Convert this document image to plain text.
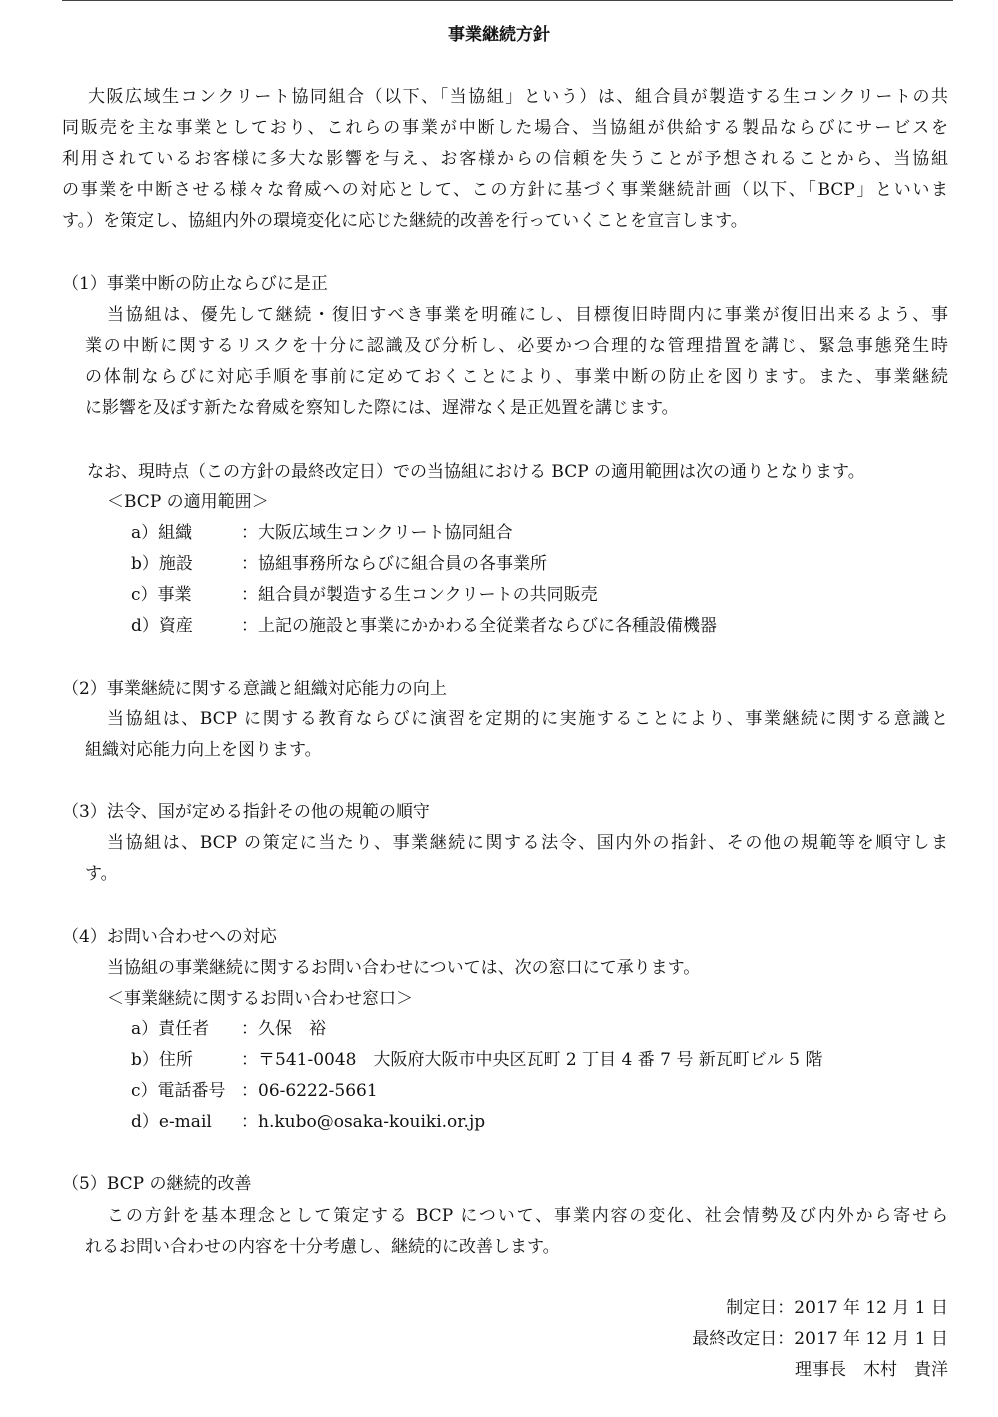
事業継続方針
大阪広域生コンクリート協同組合（以下、「当協組」という）は、組合員が製造する生コンクリートの共
同販売を主な事業としており、これらの事業が中断した場合、当協組が供給する製品ならびにサービスを
利用されているお客様に多大な影響を与え、お客様からの信頼を失うことが予想されることから、当協組
の事業を中断させる様々な脅威への対応として、この方針に基づく事業継続計画（以下、「BCP」といいま
す。）を策定し、協組内外の環境変化に応じた継続的改善を行っていくことを宣言します。
（1）事業中断の防止ならびに是正
当協組は、優先して継続・復旧すべき事業を明確にし、目標復旧時間内に事業が復旧出来るよう、事
業の中断に関するリスクを十分に認識及び分析し、必要かつ合理的な管理措置を講じ、緊急事態発生時
の体制ならびに対応手順を事前に定めておくことにより、事業中断の防止を図ります。また、事業継続
に影響を及ぼす新たな脅威を察知した際には、遅滞なく是正処置を講じます。
なお、現時点（この方針の最終改定日）での当協組における BCP の適用範囲は次の通りとなります。
＜BCP の適用範囲＞
a）組織	：大阪広域生コンクリート協同組合
b）施設	：協組事務所ならびに組合員の各事業所
c）事業	：組合員が製造する生コンクリートの共同販売
d）資産	：上記の施設と事業にかかわる全従業者ならびに各種設備機器
（2）事業継続に関する意識と組織対応能力の向上
当協組は、BCP に関する教育ならびに演習を定期的に実施することにより、事業継続に関する意識と
組織対応能力向上を図ります。
（3）法令、国が定める指針その他の規範の順守
当協組は、BCP の策定に当たり、事業継続に関する法令、国内外の指針、その他の規範等を順守しま
す。
（4）お問い合わせへの対応
当協組の事業継続に関するお問い合わせについては、次の窓口にて承ります。
＜事業継続に関するお問い合わせ窓口＞
a）責任者 ：久保　裕
b）住所	：〒541-0048　大阪府大阪市中央区瓦町 2 丁目 4 番 7 号 新瓦町ビル 5 階
c）電話番号 ：06-6222-5661
d）e-mail ：h.kubo@osaka-kouiki.or.jp
（5）BCP の継続的改善
この方針を基本理念として策定する BCP について、事業内容の変化、社会情勢及び内外から寄せら
れるお問い合わせの内容を十分考慮し、継続的に改善します。
制定日：2017 年 12 月 1 日
最終改定日：2017 年 12 月 1 日
理事長　木村　貴洋
